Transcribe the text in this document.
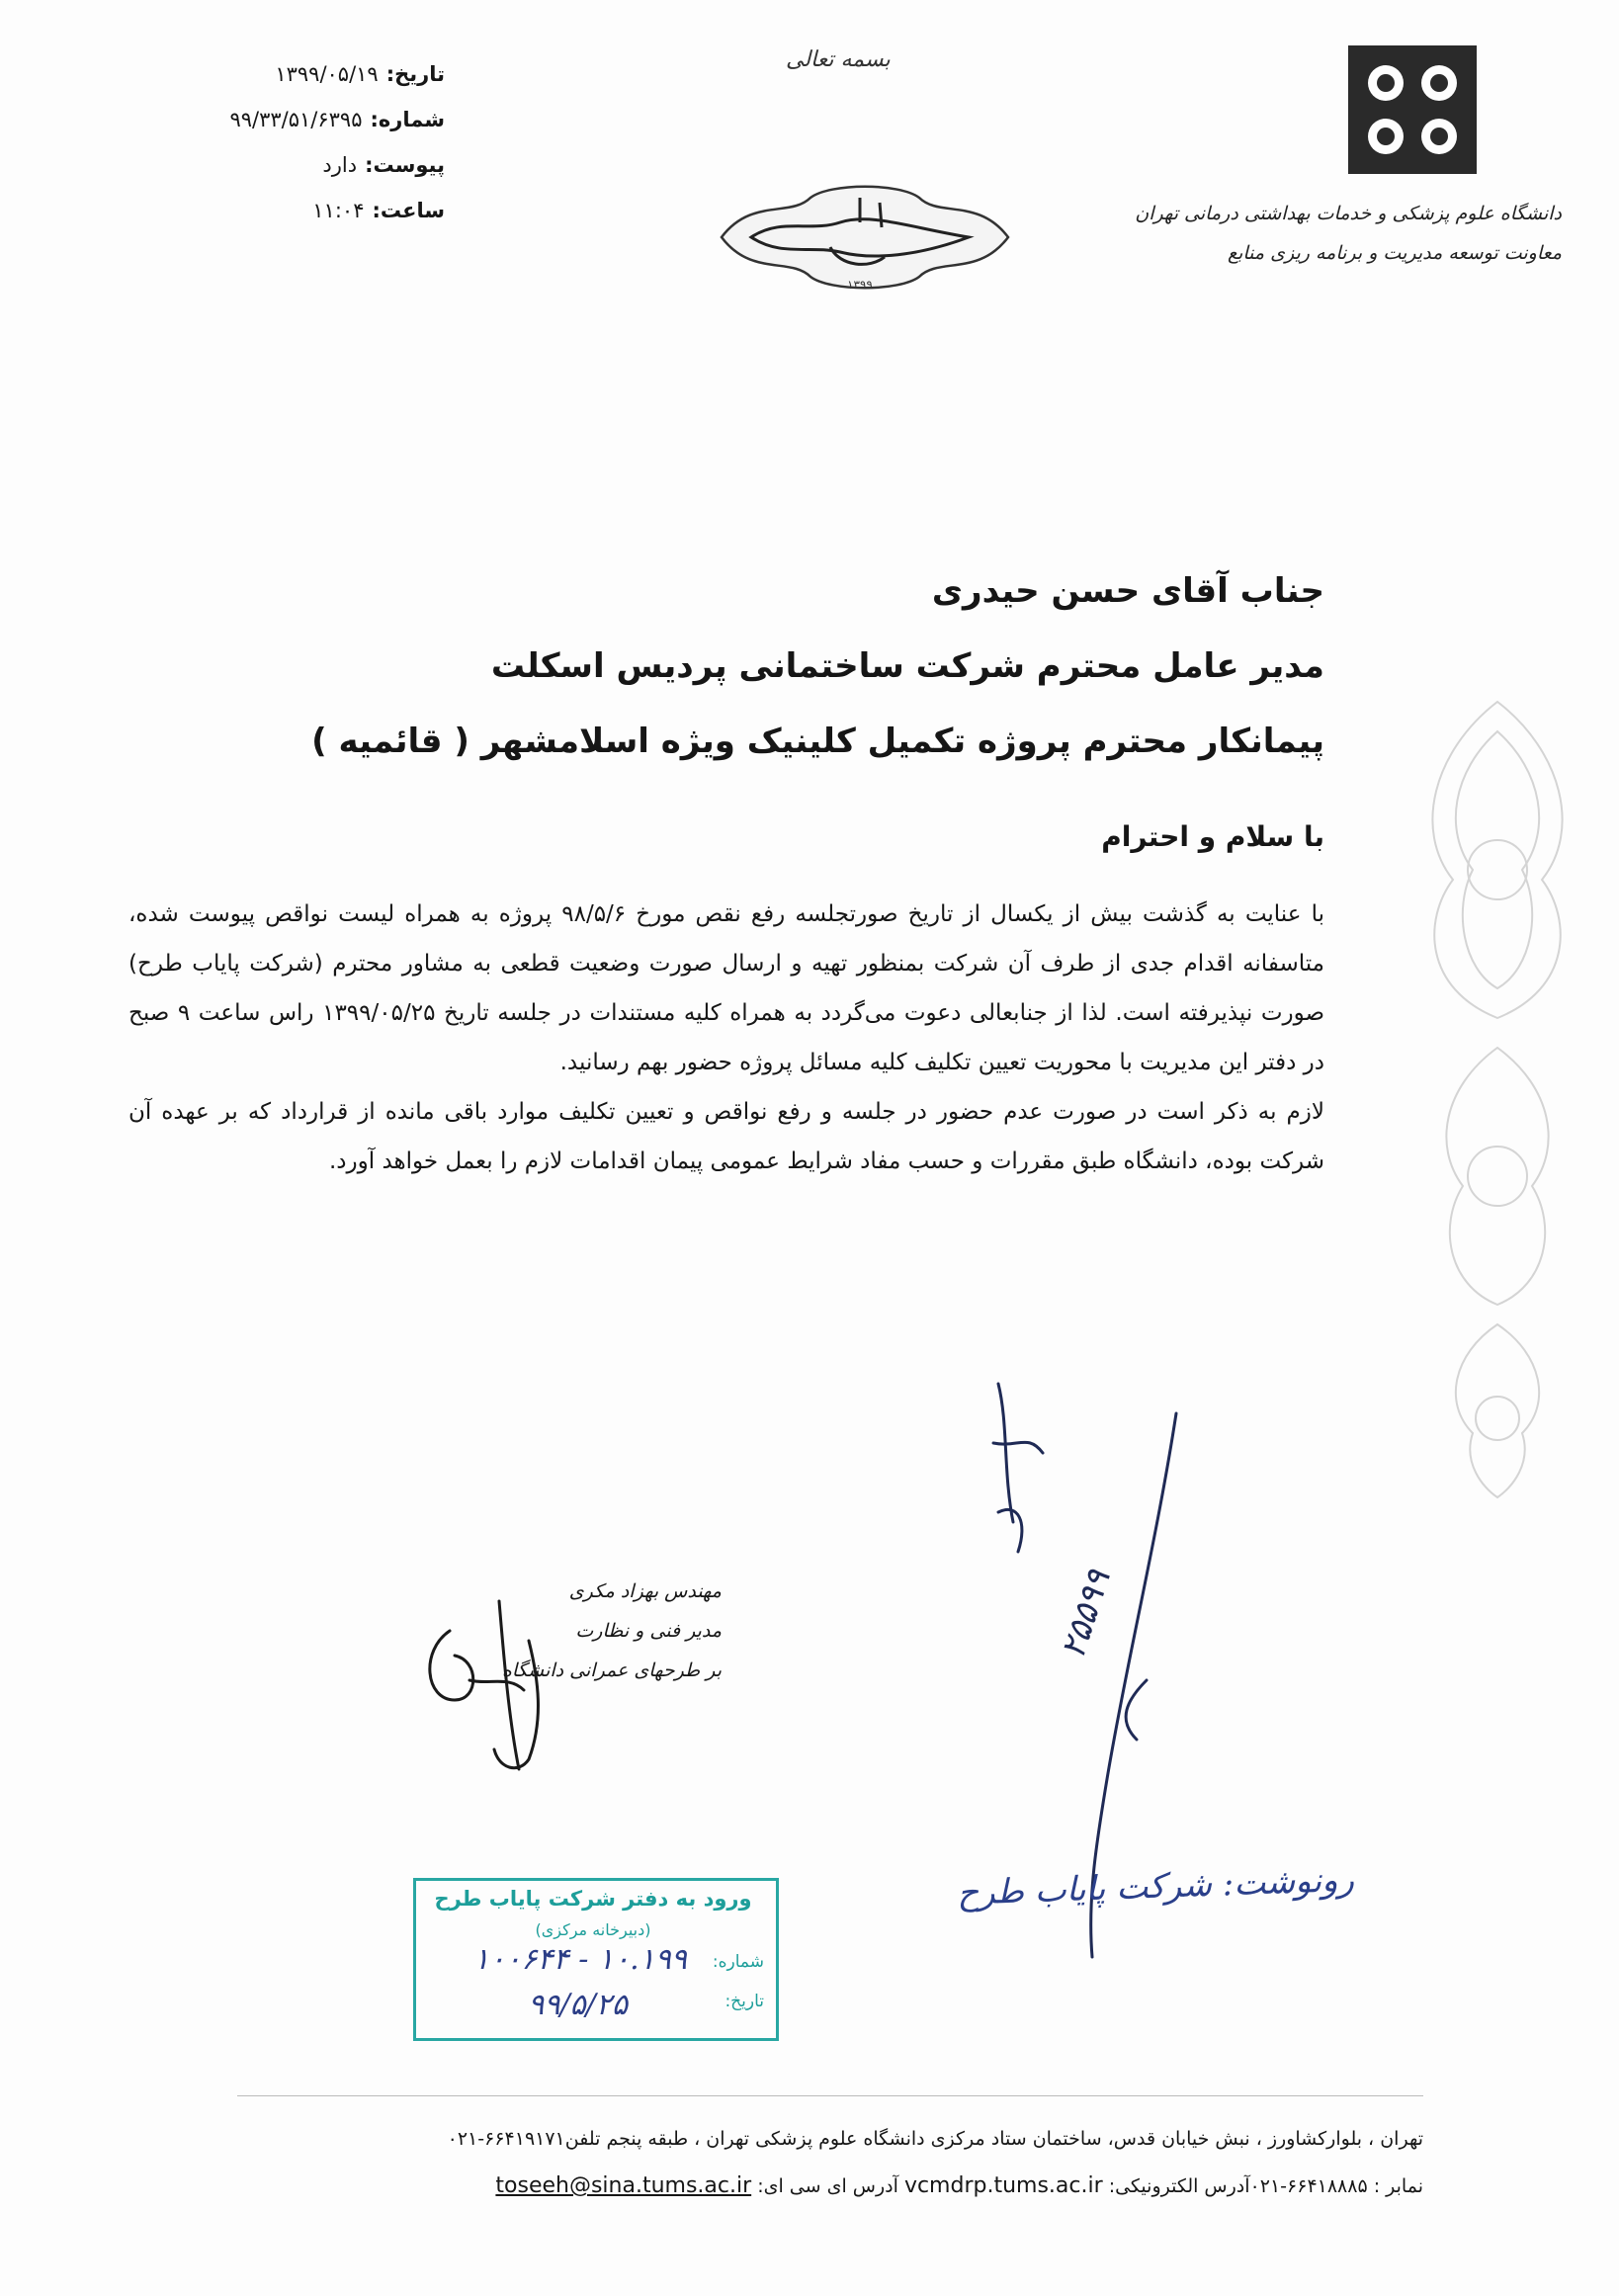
تاریخ:۱۳۹۹/۰۵/۱۹
شماره:۹۹/۳۳/۵۱/۶۳۹۵
پیوست:دارد
ساعت:۱۱:۰۴
بسمه تعالی
١٣٩٩
دانشگاه علوم پزشکی و خدمات بهداشتی درمانی تهران
معاونت توسعه مدیریت و برنامه ریزی منابع
جناب آقای حسن حیدری
مدیر عامل محترم شرکت ساختمانی پردیس اسکلت
پیمانکار محترم پروژه تکمیل کلینیک ویژه اسلامشهر ( قائمیه )
با سلام و احترام

با عنایت به گذشت بیش از یکسال از تاریخ صورتجلسه رفع نقص مورخ ۹۸/۵/۶ پروژه به همراه لیست نواقص پیوست شده، متاسفانه اقدام جدی از طرف آن شرکت بمنظور تهیه و ارسال صورت وضعیت قطعی به مشاور محترم (شرکت پایاب طرح) صورت نپذیرفته است. لذا از جنابعالی دعوت می‌گردد به همراه کلیه مستندات در جلسه تاریخ ۱۳۹۹/۰۵/۲۵ راس ساعت ۹ صبح در دفتر این مدیریت با محوریت تعیین تکلیف کلیه مسائل پروژه حضور بهم رسانید.

لازم به ذکر است در صورت عدم حضور در جلسه و رفع نواقص و تعیین تکلیف موارد باقی مانده از قرارداد که بر عهده آن شرکت بوده، دانشگاه طبق مقررات و حسب مفاد شرایط عمومی پیمان اقدامات لازم را بعمل خواهد آورد.

۲۵۵۹۹
مهندس بهزاد مکری
مدیر فنی و نظارت
بر طرحهای عمرانی دانشگاه
رونوشت: شرکت پایاب طرح
ورود به دفتر شرکت پایاب طرح
(دبیرخانه مرکزی)
شماره:
۱۰.۱۹۹ - ۱۰۰۶۴۴
تاریخ:
۹۹/۵/۲۵
تهران ، بلوارکشاورز ، نبش خیابان قدس، ساختمان ستاد مرکزی دانشگاه علوم پزشکی تهران ، طبقه پنجم تلفن۶۶۴۱۹۱۷۱-۰۲۱
نمابر : ۶۶۴۱۸۸۸۵-۰۲۱آدرس الکترونیکی: vcmdrp.tums.ac.ir آدرس ای سی ای: toseeh@sina.tums.ac.ir
